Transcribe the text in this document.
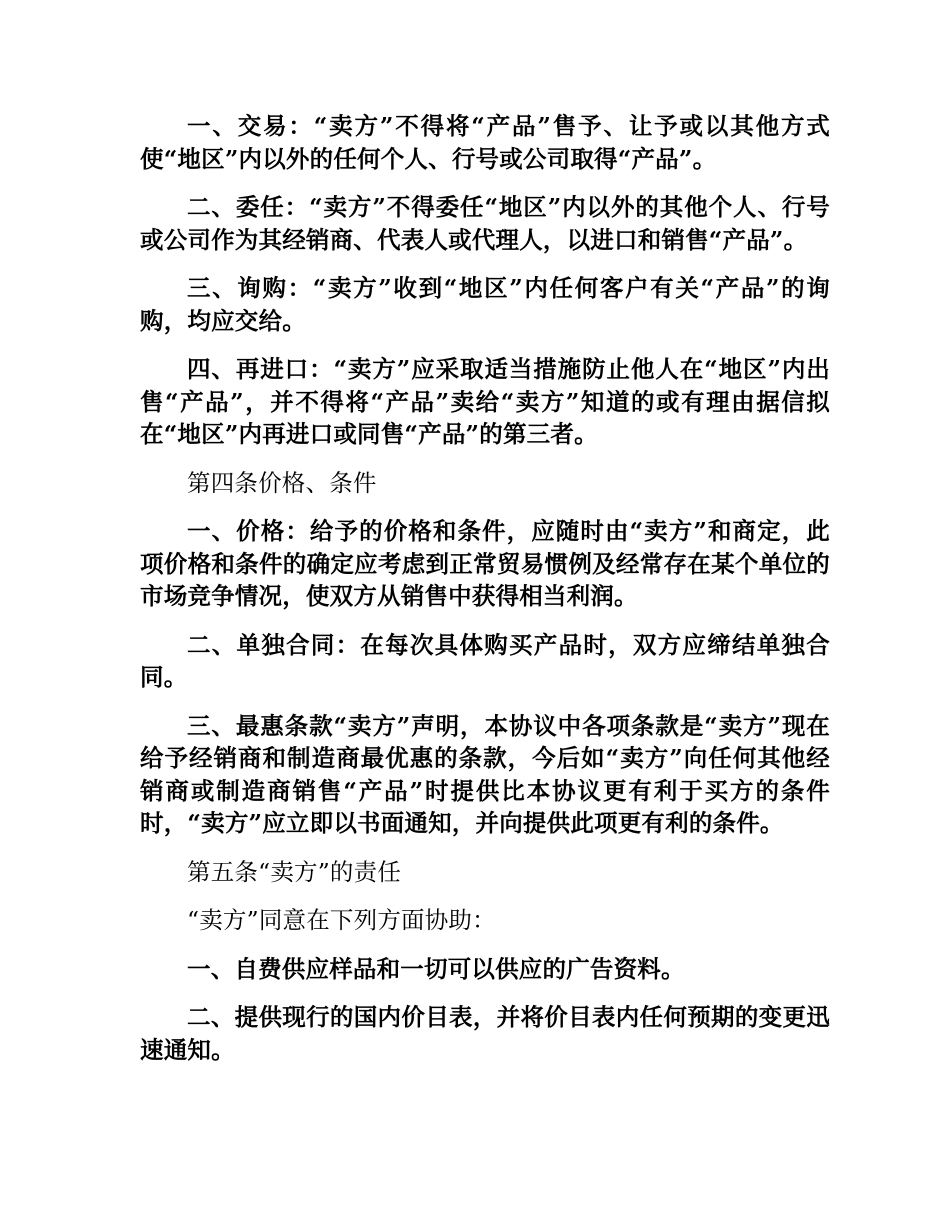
一、交易：“卖方”不得将“产品”售予、让予或以其他方式使“地区”内以外的任何个人、行号或公司取得“产品”。

二、委任：“卖方”不得委任“地区”内以外的其他个人、行号或公司作为其经销商、代表人或代理人，以进口和销售“产品”。

三、询购：“卖方”收到“地区”内任何客户有关“产品”的询购，均应交给。

四、再进口：“卖方”应采取适当措施防止他人在“地区”内出售“产品”，并不得将“产品”卖给“卖方”知道的或有理由据信拟在“地区”内再进口或同售“产品”的第三者。

第四条价格、条件

一、价格：给予的价格和条件，应随时由“卖方”和商定，此项价格和条件的确定应考虑到正常贸易惯例及经常存在某个单位的市场竞争情况，使双方从销售中获得相当利润。

二、单独合同：在每次具体购买产品时，双方应缔结单独合同。

三、最惠条款“卖方”声明，本协议中各项条款是“卖方”现在给予经销商和制造商最优惠的条款，今后如“卖方”向任何其他经销商或制造商销售“产品”时提供比本协议更有利于买方的条件时，“卖方”应立即以书面通知，并向提供此项更有利的条件。

第五条“卖方”的责任

“卖方”同意在下列方面协助：

一、自费供应样品和一切可以供应的广告资料。

二、提供现行的国内价目表，并将价目表内任何预期的变更迅速通知。
